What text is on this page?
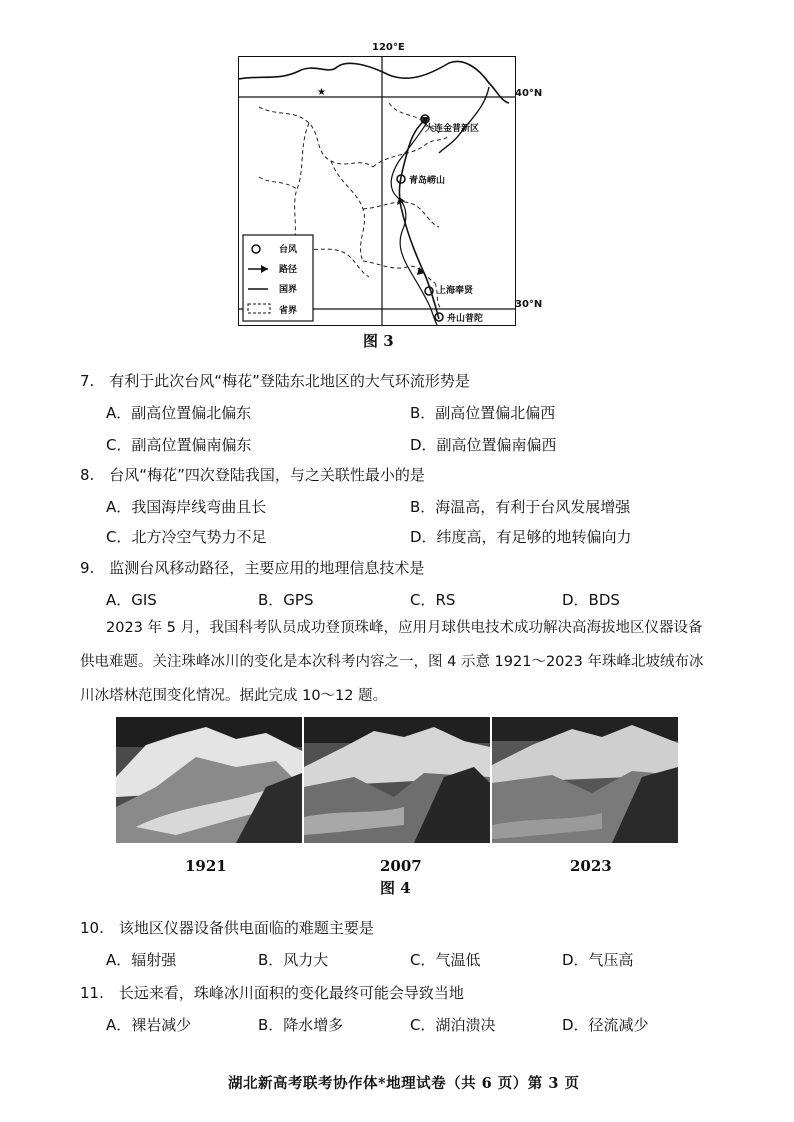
120°E
★	40°N
30°N
大连金普新区
青岛崂山
上海奉贤
舟山普陀
台风
路径
国界
省界
图 3
7.　有利于此次台风“梅花”登陆东北地区的大气环流形势是
A．副高位置偏北偏东	B．副高位置偏北偏西
C．副高位置偏南偏东	D．副高位置偏南偏西
8.　台风“梅花”四次登陆我国，与之关联性最小的是
A．我国海岸线弯曲且长	B．海温高，有利于台风发展增强
C．北方冷空气势力不足	D．纬度高，有足够的地转偏向力
9.　监测台风移动路径，主要应用的地理信息技术是
A．GIS	B．GPS	C．RS	D．BDS
2023 年 5 月，我国科考队员成功登顶珠峰，应用月球供电技术成功解决高海拔地区仪器设备
供电难题。关注珠峰冰川的变化是本次科考内容之一，图 4 示意 1921～2023 年珠峰北坡绒布冰
川冰塔林范围变化情况。据此完成 10～12 题。
1921	2007	2023
图 4
10.　该地区仪器设备供电面临的难题主要是
A．辐射强	B．风力大	C．气温低	D．气压高
11.　长远来看，珠峰冰川面积的变化最终可能会导致当地
A．裸岩减少	B．降水增多	C．湖泊溃决	D．径流减少
湖北新高考联考协作体*地理试卷（共 6 页）第 3 页
